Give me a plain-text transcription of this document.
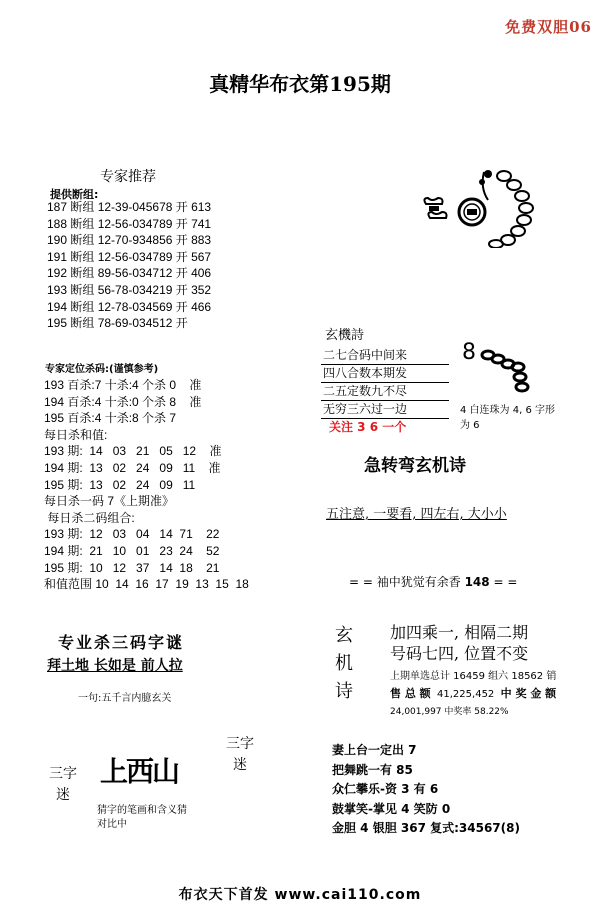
免费双胆06
真精华布衣第195期
专家推荐
提供断组:
187 断组 12-39-045678 开 613
188 断组 12-56-034789 开 741
190 断组 12-70-934856 开 883
191 断组 12-56-034789 开 567
192 断组 89-56-034712 开 406
193 断组 56-78-034219 开 352
194 断组 12-78-034569 开 466
195 断组 78-69-034512 开
专家定位杀码:(谨慎参考)
193 百杀:7 十杀:4 个杀 0    准
194 百杀:4 十杀:0 个杀 8    准
195 百杀:4 十杀:8 个杀 7
每日杀和值:
193 期:  14   03   21   05   12    准
194 期:  13   02   24   09   11    准
195 期:  13   02   24   09   11
每日杀一码 7《上期准》
每日杀二码组合:
193 期:  12   03   04   14  71    22
194 期:  21   10   01   23  24    52
195 期:  10   12   37   14  18    21
和值范围 10  14  16  17  19  13  15  18
专业杀三码字谜
拜土地 长如是 前人拉
一句:五千言内臆玄关
三字迷
三字迷
上西山
猜字的笔画和含义猜
对比中
玄機詩
二七合码中间来
四八合数本期发
二五定数九不尽
无穷三六过一边
关注 3 6 一个
8
4 白连珠为 4, 6 字形
为 6
急转弯玄机诗
五注意, 一要看, 四左右, 大小小
= = 袖中犹觉有余香 148 = =
玄机诗
加四乘一, 相隔二期
号码七四, 位置不变
上期单选总计 16459 组六 18562 销
售 总 额 41,225,452 中 奖 金 额
24,001,997 中奖率 58.22%
妻上台一定出 7
把舞跳一有 85
众仁攀乐-资 3 有 6
鼓掌笑-掌见 4 笑防 0
金胆 4 银胆 367 复式:34567(8)
布衣天下首发 www.cai110.com
